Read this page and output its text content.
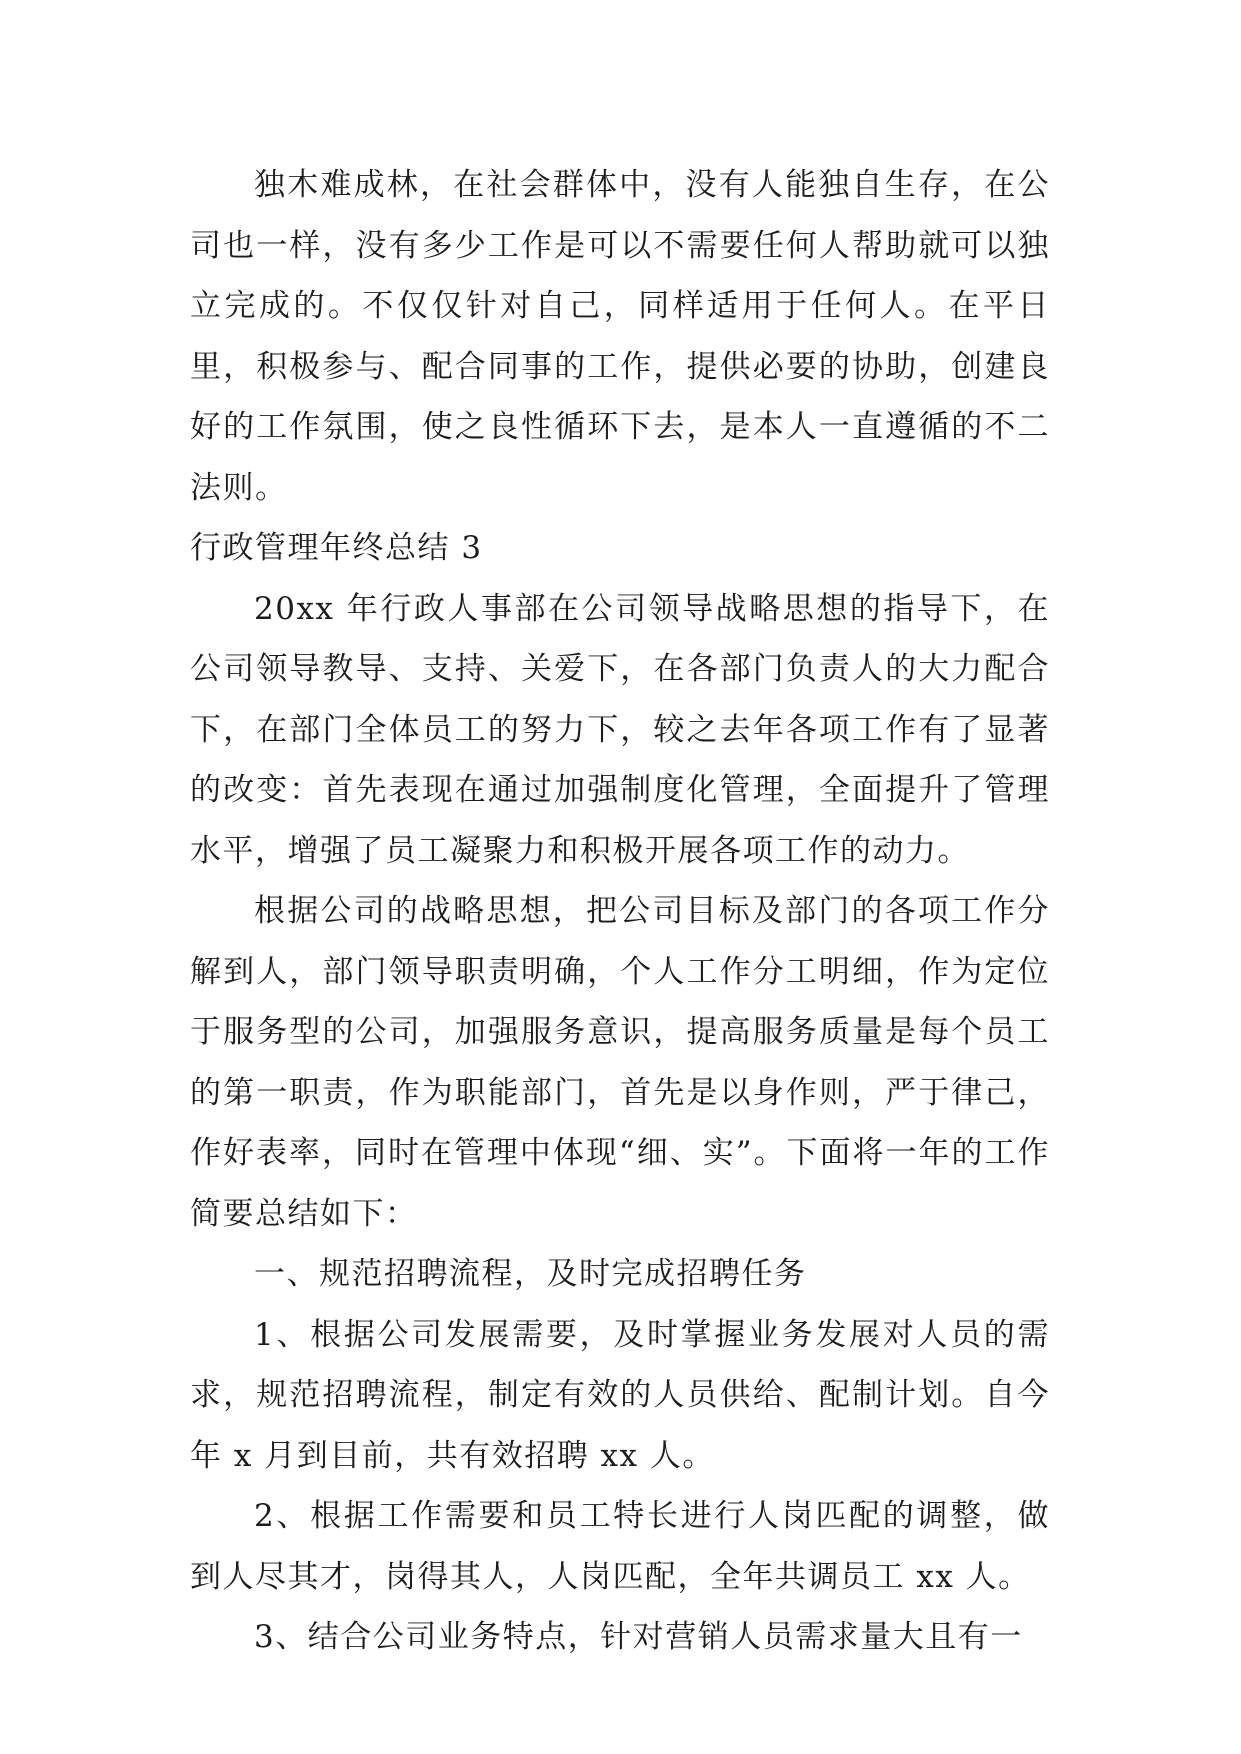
独木难成林，在社会群体中，没有人能独自生存，在公司也一样，没有多少工作是可以不需要任何人帮助就可以独立完成的。不仅仅针对自己，同样适用于任何人。在平日里，积极参与、配合同事的工作，提供必要的协助，创建良好的工作氛围，使之良性循环下去，是本人一直遵循的不二法则。

行政管理年终总结 3

20xx 年行政人事部在公司领导战略思想的指导下，在公司领导教导、支持、关爱下，在各部门负责人的大力配合下，在部门全体员工的努力下，较之去年各项工作有了显著的改变：首先表现在通过加强制度化管理，全面提升了管理水平，增强了员工凝聚力和积极开展各项工作的动力。

根据公司的战略思想，把公司目标及部门的各项工作分解到人，部门领导职责明确，个人工作分工明细，作为定位于服务型的公司，加强服务意识，提高服务质量是每个员工的第一职责，作为职能部门，首先是以身作则，严于律己，作好表率，同时在管理中体现“细、实”。下面将一年的工作简要总结如下：

一、规范招聘流程，及时完成招聘任务

1、根据公司发展需要，及时掌握业务发展对人员的需求，规范招聘流程，制定有效的人员供给、配制计划。自今年 x 月到目前，共有效招聘 xx 人。

2、根据工作需要和员工特长进行人岗匹配的调整，做到人尽其才，岗得其人，人岗匹配，全年共调员工 xx 人。

3、结合公司业务特点，针对营销人员需求量大且有一
